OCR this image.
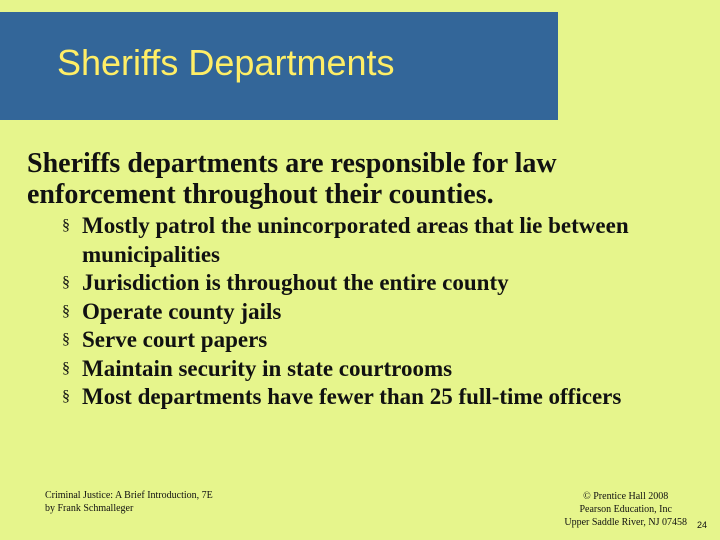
Sheriffs Departments
Sheriffs departments are responsible for law enforcement throughout their counties.
§ Mostly patrol the unincorporated areas that lie between municipalities
§ Jurisdiction is throughout the entire county
§ Operate county jails
§ Serve court papers
§ Maintain security in state courtrooms
§ Most departments have fewer than 25 full-time officers
Criminal Justice: A Brief Introduction, 7E
by Frank Schmalleger
© Prentice Hall 2008
Pearson Education, Inc
Upper Saddle River, NJ 07458 24
